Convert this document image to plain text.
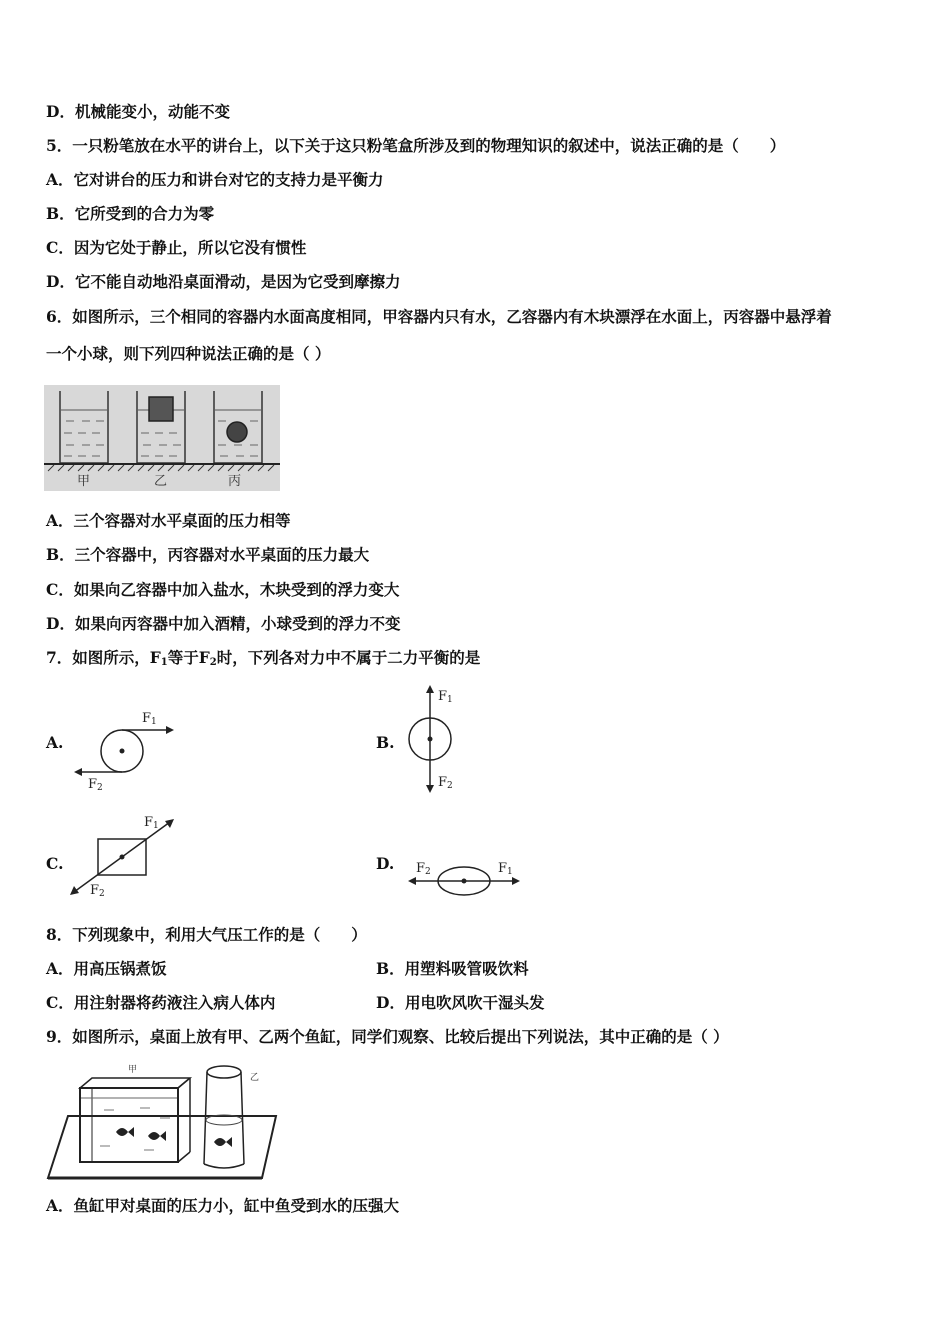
D．机械能变小，动能不变
5．一只粉笔放在水平的讲台上，以下关于这只粉笔盒所涉及到的物理知识的叙述中，说法正确的是（　　）
A．它对讲台的压力和讲台对它的支持力是平衡力
B．它所受到的合力为零
C．因为它处于静止，所以它没有惯性
D．它不能自动地沿桌面滑动，是因为它受到摩擦力
6．如图所示，三个相同的容器内水面高度相同，甲容器内只有水，乙容器内有木块漂浮在水面上，丙容器中悬浮着
一个小球，则下列四种说法正确的是（ ）
甲	乙	丙
A．三个容器对水平桌面的压力相等
B．三个容器中，丙容器对水平桌面的压力最大
C．如果向乙容器中加入盐水，木块受到的浮力变大
D．如果向丙容器中加入酒精，小球受到的浮力不变
7．如图所示，$F_1$等于$F_2$时，下列各对力中不属于二力平衡的是
A.
F1
F2
B.
F1
F2
C.
F1
F2
D.	F1
F2
8．下列现象中，利用大气压工作的是（　　）
A．用高压锅煮饭	B．用塑料吸管吸饮料
C．用注射器将药液注入病人体内	D．用电吹风吹干湿头发
9．如图所示，桌面上放有甲、乙两个鱼缸，同学们观察、比较后提出下列说法，其中正确的是（ ）
甲
乙
A．鱼缸甲对桌面的压力小，缸中鱼受到水的压强大
